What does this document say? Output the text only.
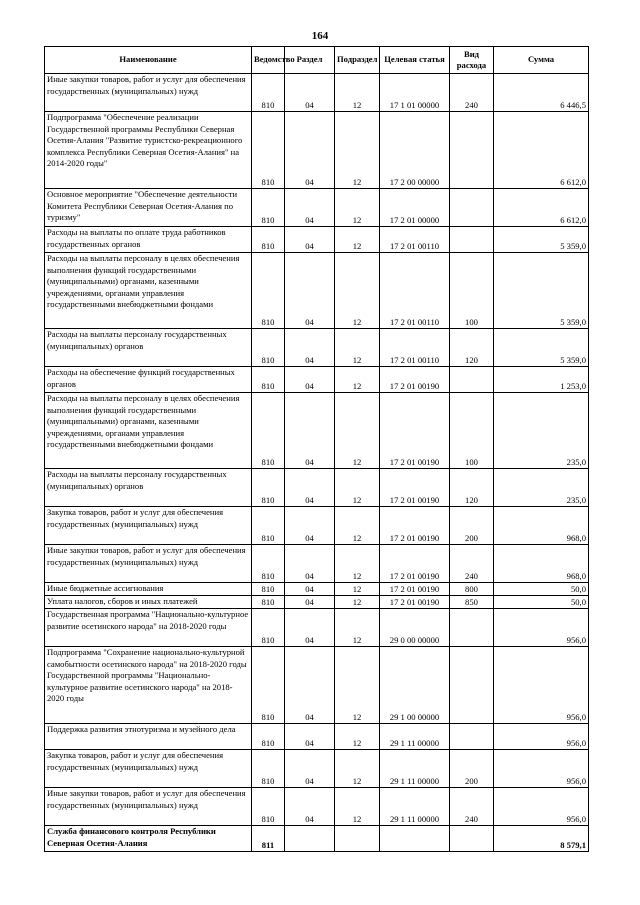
164
Наименование	Ведомство	Раздел	Подраздел	Целевая статья	Вид расхода	Сумма
Иные закупки товаров, работ и услуг для обеспечения государственных (муниципальных) нужд	810	04	12	17 1 01 00000	240	6 446,5
Подпрограмма "Обеспечение реализации Государственной программы Республики Северная Осетия-Алания "Развитие туристско-рекреационного комплекса Республики Северная Осетия-Алания" на 2014-2020 годы"	810	04	12	17 2 00 00000		6 612,0
Основное мероприятие "Обеспечение деятельности Комитета Республики Северная Осетия-Алания по туризму"	810	04	12	17 2 01 00000		6 612,0
Расходы на выплаты по оплате труда работников государственных органов	810	04	12	17 2 01 00110		5 359,0
Расходы на выплаты персоналу в целях обеспечения выполнения функций государственными (муниципальными) органами, казенными учреждениями, органами управления государственными внебюджетными фондами	810	04	12	17 2 01 00110	100	5 359,0
Расходы на выплаты персоналу государственных (муниципальных) органов	810	04	12	17 2 01 00110	120	5 359,0
Расходы на обеспечение функций государственных органов	810	04	12	17 2 01 00190		1 253,0
Расходы на выплаты персоналу в целях обеспечения выполнения функций государственными (муниципальными) органами, казенными учреждениями, органами управления государственными внебюджетными фондами	810	04	12	17 2 01 00190	100	235,0
Расходы на выплаты персоналу государственных (муниципальных) органов	810	04	12	17 2 01 00190	120	235,0
Закупка товаров, работ и услуг для обеспечения государственных (муниципальных) нужд	810	04	12	17 2 01 00190	200	968,0
Иные закупки товаров, работ и услуг для обеспечения государственных (муниципальных) нужд	810	04	12	17 2 01 00190	240	968,0
Иные бюджетные ассигнования	810	04	12	17 2 01 00190	800	50,0
Уплата налогов, сборов и иных платежей	810	04	12	17 2 01 00190	850	50,0
Государственная программа "Национально-культурное развитие осетинского народа" на 2018-2020 годы	810	04	12	29 0 00 00000		956,0
Подпрограмма "Сохранение национально-культурной самобытности осетинского народа" на 2018-2020 годы Государственной программы "Национально-культурное развитие осетинского народа" на 2018-2020 годы	810	04	12	29 1 00 00000		956,0
Поддержка развития этнотуризма и музейного дела	810	04	12	29 1 11 00000		956,0
Закупка товаров, работ и услуг для обеспечения государственных (муниципальных) нужд	810	04	12	29 1 11 00000	200	956,0
Иные закупки товаров, работ и услуг для обеспечения государственных (муниципальных) нужд	810	04	12	29 1 11 00000	240	956,0
Служба финансового контроля Республики Северная Осетия-Алания	811					8 579,1
